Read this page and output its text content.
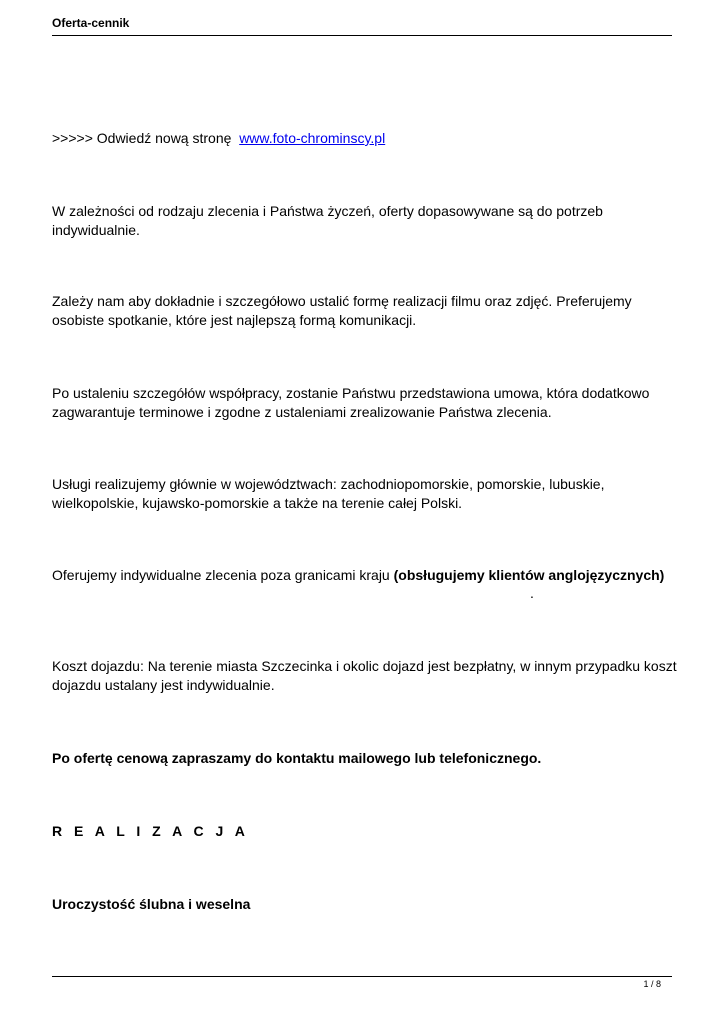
Oferta-cennik
>>>>> Odwiedź nową stronę www.foto-chrominscy.pl
W zależności od rodzaju zlecenia i Państwa życzeń, oferty dopasowywane są do potrzeb indywidualnie.
Zależy nam aby dokładnie i szczegółowo ustalić formę realizacji filmu oraz zdjęć. Preferujemy osobiste spotkanie, które jest najlepszą formą komunikacji.
Po ustaleniu szczegółów współpracy, zostanie Państwu przedstawiona umowa, która dodatkowo zagwarantuje terminowe i zgodne z ustaleniami zrealizowanie Państwa zlecenia.
Usługi realizujemy głównie w województwach: zachodniopomorskie, pomorskie, lubuskie, wielkopolskie, kujawsko-pomorskie a także na terenie całej Polski.
Oferujemy indywidualne zlecenia poza granicami kraju (obsługujemy klientów anglojęzycznych)
.
Koszt dojazdu: Na terenie miasta Szczecinka i okolic dojazd jest bezpłatny, w innym przypadku koszt dojazdu ustalany jest indywidualnie.
Po ofertę cenową zapraszamy do kontaktu mailowego lub telefonicznego.
R E A L I Z A C J A
Uroczystość ślubna i weselna
1 / 8
